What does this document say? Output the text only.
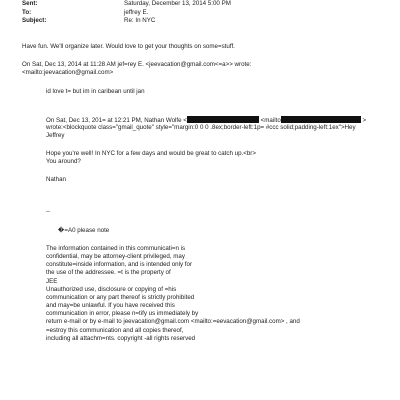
Sent:	Saturday, December 13, 2014 5:00 PM
To:	jeffrey E.
Subject:	Re: In NYC
Have fun. We'll organize later. Would love to get your thoughts on some=stuff.
On Sat, Dec 13, 2014 at 11:28 AM jef=rey E. <jeevacation@gmail.com<=a>> wrote:
<mailto:jeevacation@gmail.com>
id love t= but im in caribean until jan
On Sat, Dec 13, 201= at 12:21 PM, Nathan Wolfe <	<mailto	>
wrote:<blockquote class="gmail_quote" style="margin:0 0 0 .8ex;border-left:1p= #ccc solid;padding-left:1ex">Hey
Jeffrey
Hope you're well! In NYC for a few days and would be great to catch up.<br>
You around?
Nathan
--
�=A0 please note
The information contained in this communicati=n is
confidential, may be attorney-client privileged, may
constitute=inside information, and is intended only for
the use of the addressee. =t is the property of
JEE
Unauthorized use, disclosure or copying of =his
communication or any part thereof is strictly prohibited
and may=be unlawful. If you have received this
communication in error, please n=tify us immediately by
return e-mail or by e-mail to jeevacation@gmail.com <mailto:=eevacation@gmail.com> , and
=estroy this communication and all copies thereof,
including all attachm=nts. copyright -all rights reserved
